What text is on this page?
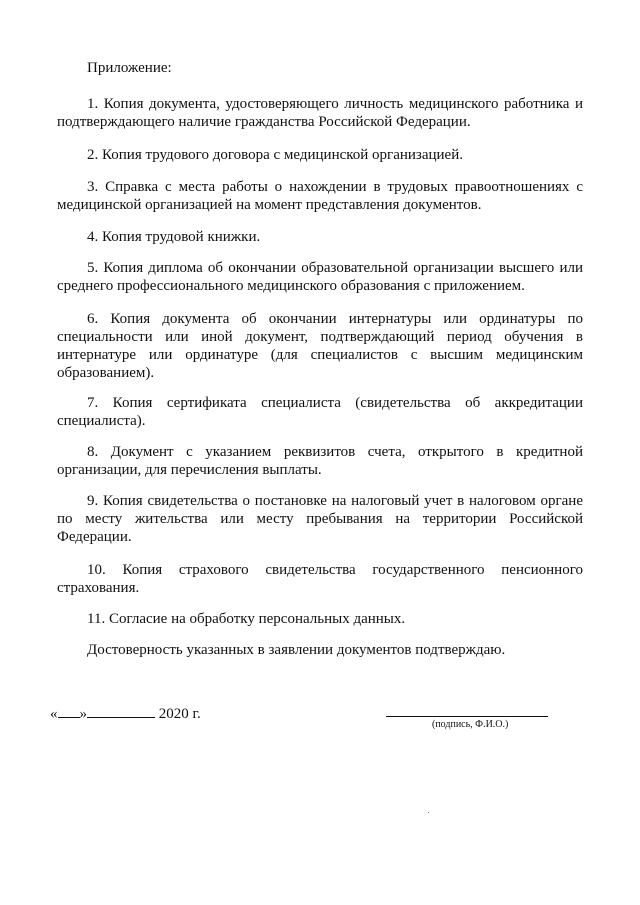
Приложение:
1. Копия документа, удостоверяющего личность медицинского работника и подтверждающего наличие гражданства Российской Федерации.
2. Копия трудового договора с медицинской организацией.
3. Справка с места работы о нахождении в трудовых правоотношениях с медицинской организацией на момент представления документов.
4. Копия трудовой книжки.
5. Копия диплома об окончании образовательной организации высшего или среднего профессионального медицинского образования с приложением.
6. Копия документа об окончании интернатуры или ординатуры по специальности или иной документ, подтверждающий период обучения в интернатуре или ординатуре (для специалистов с высшим медицинским образованием).
7. Копия сертификата специалиста (свидетельства об аккредитации специалиста).
8. Документ с указанием реквизитов счета, открытого в кредитной организации, для перечисления выплаты.
9. Копия свидетельства о постановке на налоговый учет в налоговом органе по месту жительства или месту пребывания на территории Российской Федерации.
10. Копия страхового свидетельства государственного пенсионного страхования.
11. Согласие на обработку персональных данных.
Достоверность указанных в заявлении документов подтверждаю.
« »	2020 г.
(подпись, Ф.И.О.)
